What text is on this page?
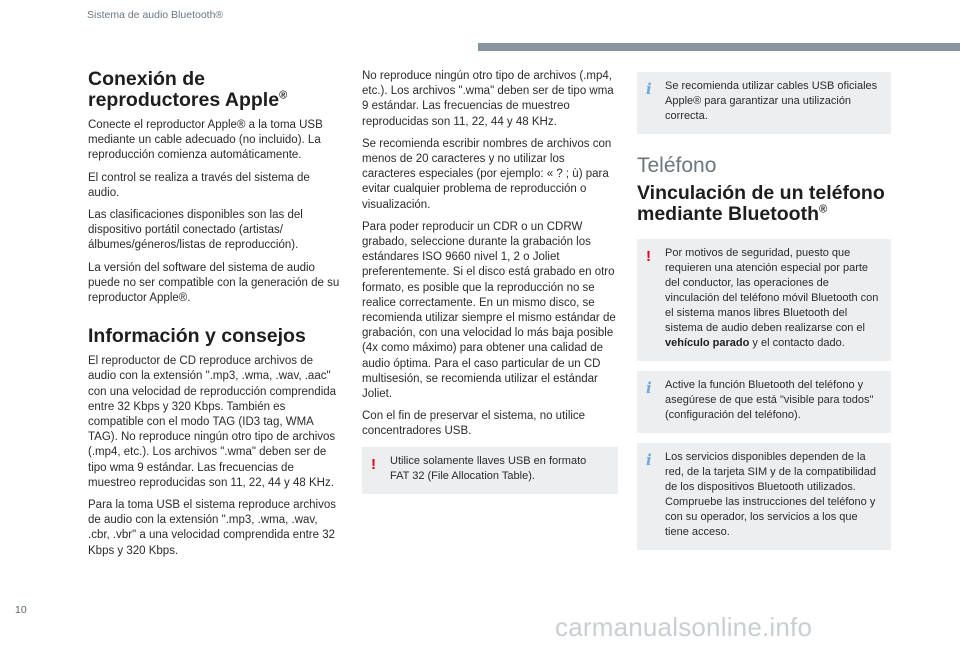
Sistema de audio Bluetooth®
Conexión de reproductores Apple®

Conecte el reproductor Apple® a la toma USB mediante un cable adecuado (no incluido). La reproducción comienza automáticamente.

El control se realiza a través del sistema de audio.

Las clasificaciones disponibles son las del dispositivo portátil conectado (artistas/álbumes/géneros/listas de reproducción).

La versión del software del sistema de audio puede no ser compatible con la generación de su reproductor Apple®.

Información y consejos

El reproductor de CD reproduce archivos de audio con la extensión ".mp3, .wma, .wav, .aac" con una velocidad de reproducción comprendida entre 32 Kbps y 320 Kbps. También es compatible con el modo TAG (ID3 tag, WMA TAG). No reproduce ningún otro tipo de archivos (.mp4, etc.). Los archivos ".wma" deben ser de tipo wma 9 estándar. Las frecuencias de muestreo reproducidas son 11, 22, 44 y 48 KHz.

Para la toma USB el sistema reproduce archivos de audio con la extensión ".mp3, .wma, .wav, .cbr, .vbr" a una velocidad comprendida entre 32 Kbps y 320 Kbps.

No reproduce ningún otro tipo de archivos (.mp4, etc.). Los archivos ".wma" deben ser de tipo wma 9 estándar. Las frecuencias de muestreo reproducidas son 11, 22, 44 y 48 KHz.

Se recomienda escribir nombres de archivos con menos de 20 caracteres y no utilizar los caracteres especiales (por ejemplo: « ? ; ù) para evitar cualquier problema de reproducción o visualización.

Para poder reproducir un CDR o un CDRW grabado, seleccione durante la grabación los estándares ISO 9660 nivel 1, 2 o Joliet preferentemente. Si el disco está grabado en otro formato, es posible que la reproducción no se realice correctamente. En un mismo disco, se recomienda utilizar siempre el mismo estándar de grabación, con una velocidad lo más baja posible (4x como máximo) para obtener una calidad de audio óptima. Para el caso particular de un CD multisesión, se recomienda utilizar el estándar Joliet.

Con el fin de preservar el sistema, no utilice concentradores USB.

! Utilice solamente llaves USB en formato FAT 32 (File Allocation Table).

i Se recomienda utilizar cables USB oficiales Apple® para garantizar una utilización correcta.

Teléfono
Vinculación de un teléfono mediante Bluetooth®
! Por motivos de seguridad, puesto que requieren una atención especial por parte del conductor, las operaciones de vinculación del teléfono móvil Bluetooth con el sistema manos libres Bluetooth del sistema de audio deben realizarse con el vehículo parado y el contacto dado.

i Active la función Bluetooth del teléfono y asegúrese de que está "visible para todos" (configuración del teléfono).

i Los servicios disponibles dependen de la red, de la tarjeta SIM y de la compatibilidad de los dispositivos Bluetooth utilizados. Compruebe las instrucciones del teléfono y con su operador, los servicios a los que tiene acceso.

10
carmanualsonline.info
